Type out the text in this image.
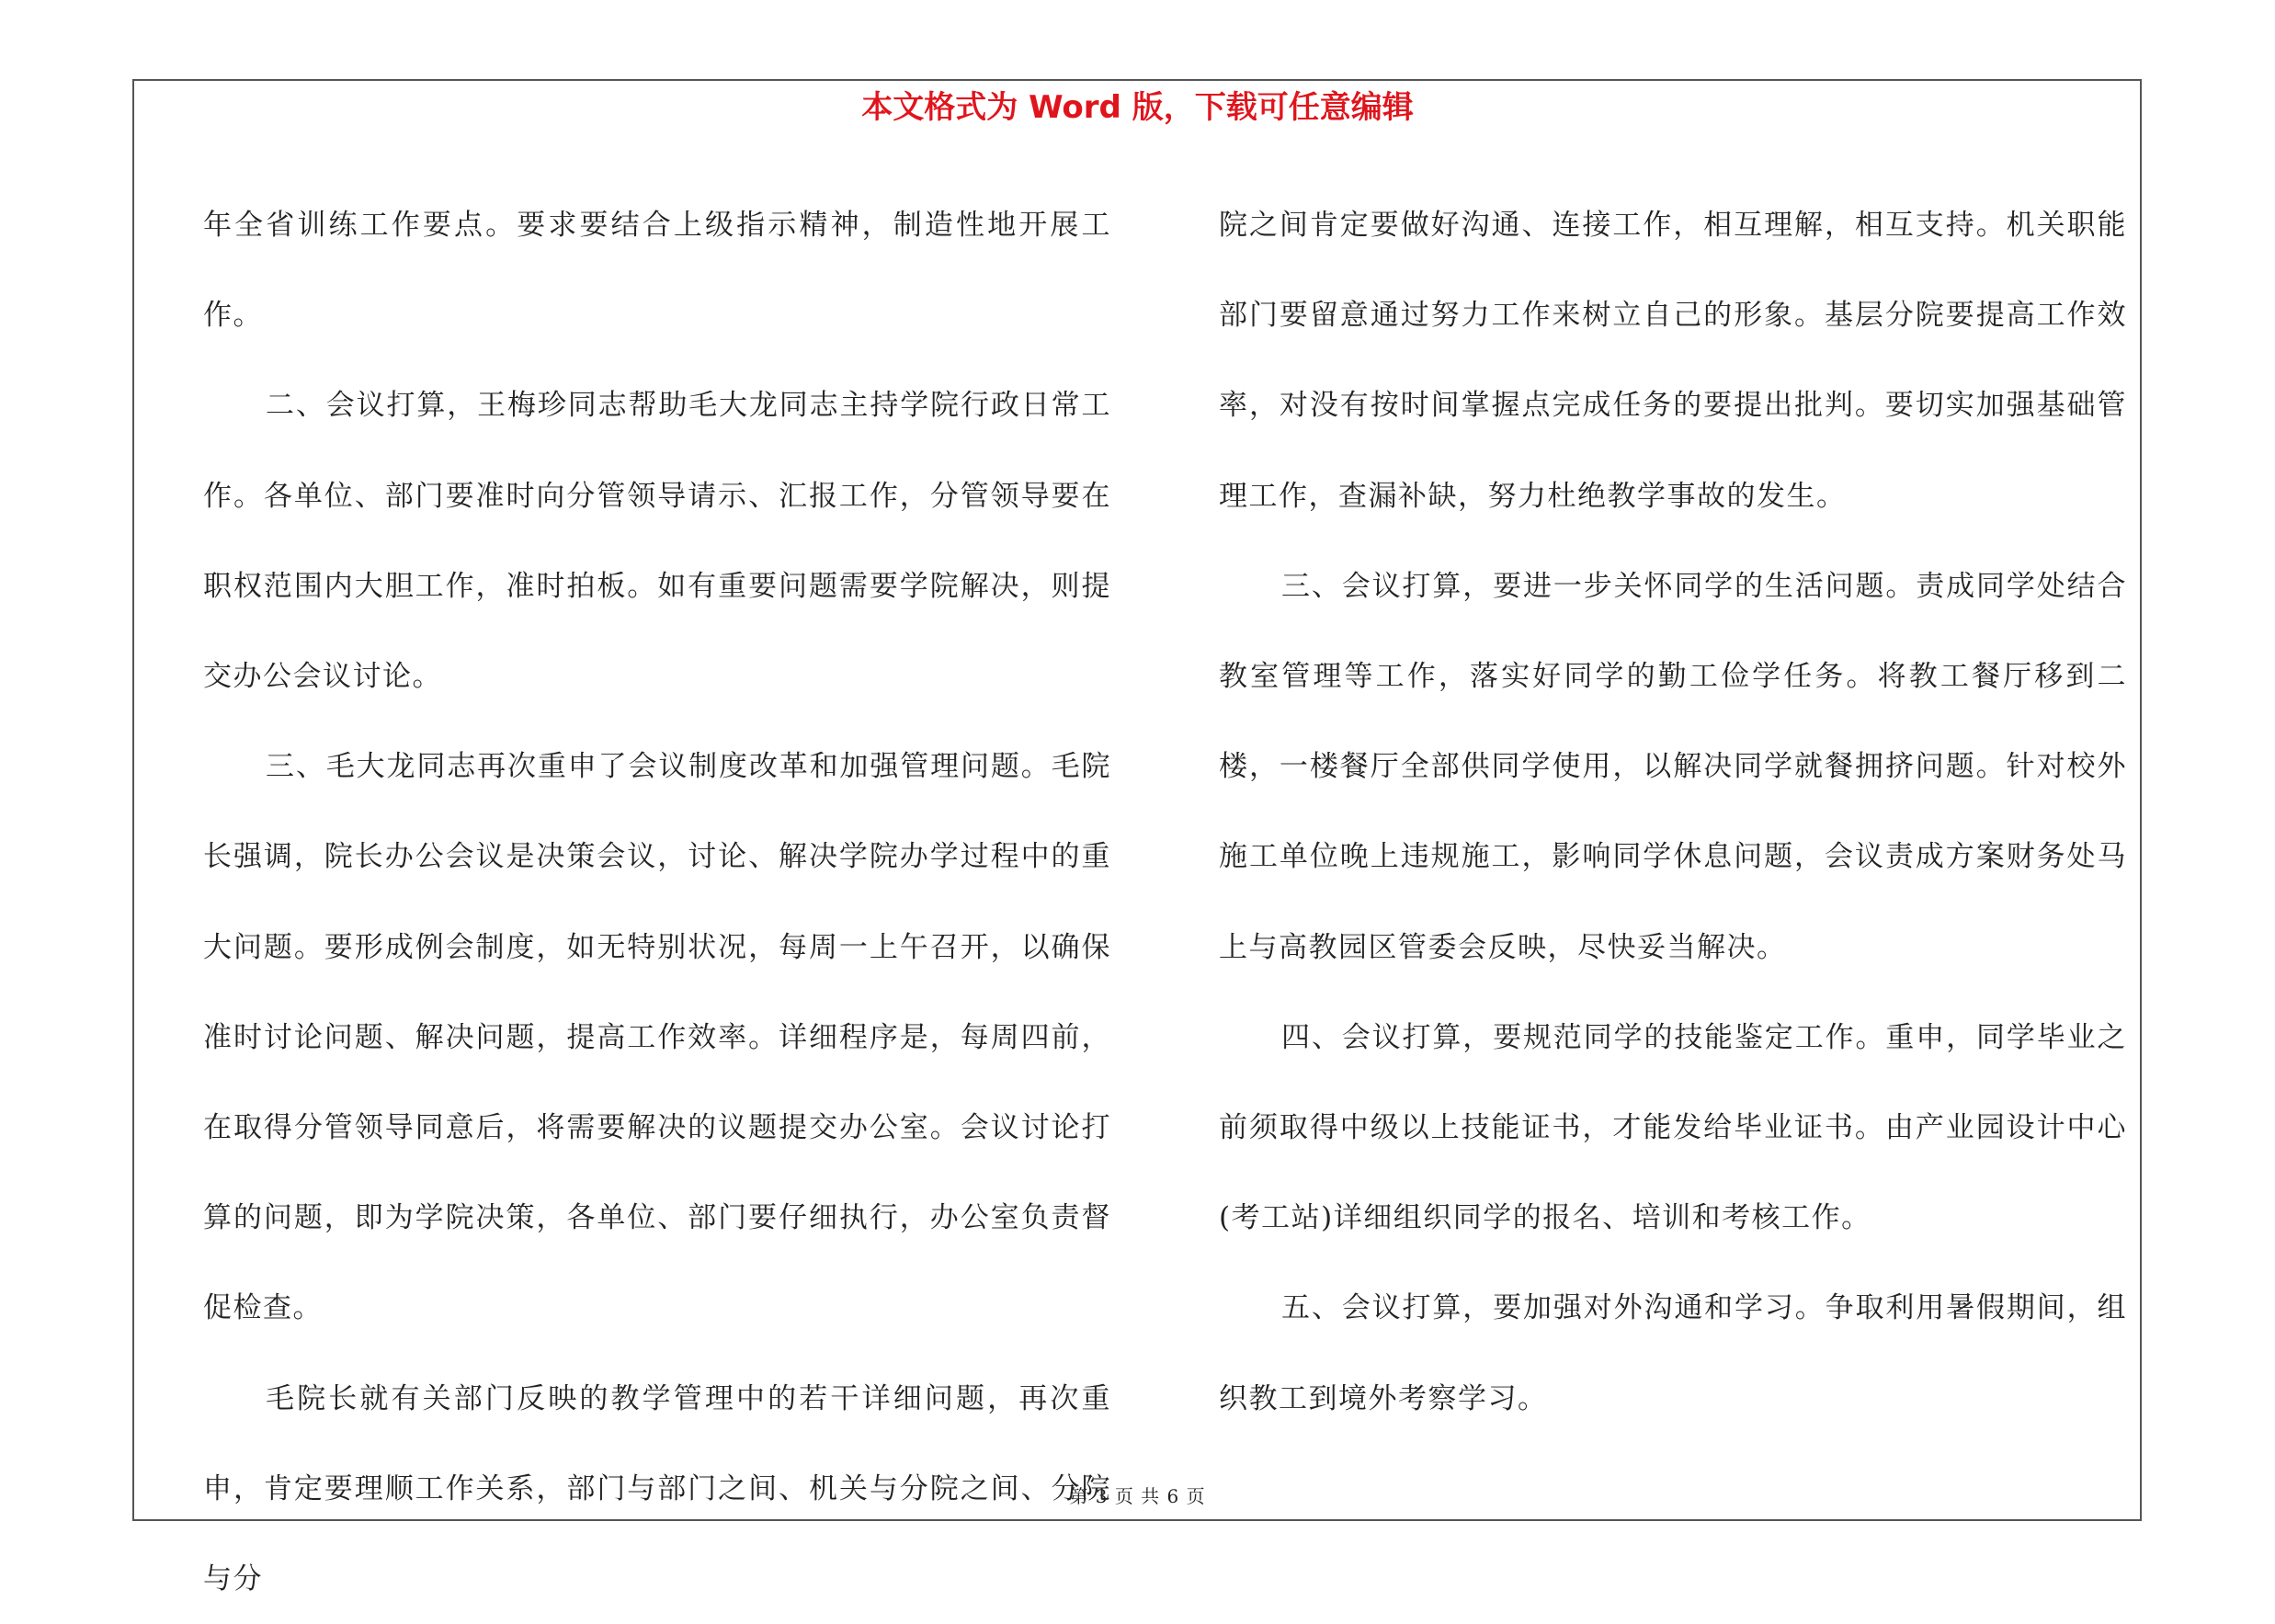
本文格式为 Word 版，下载可任意编辑

年全省训练工作要点。要求要结合上级指示精神，制造性地开展工作。

二、会议打算，王梅珍同志帮助毛大龙同志主持学院行政日常工作。各单位、部门要准时向分管领导请示、汇报工作，分管领导要在职权范围内大胆工作，准时拍板。如有重要问题需要学院解决，则提交办公会议讨论。

三、毛大龙同志再次重申了会议制度改革和加强管理问题。毛院长强调，院长办公会议是决策会议，讨论、解决学院办学过程中的重大问题。要形成例会制度，如无特别状况，每周一上午召开，以确保准时讨论问题、解决问题，提高工作效率。详细程序是，每周四前，在取得分管领导同意后，将需要解决的议题提交办公室。会议讨论打算的问题，即为学院决策，各单位、部门要仔细执行，办公室负责督促检查。

毛院长就有关部门反映的教学管理中的若干详细问题，再次重申，肯定要理顺工作关系，部门与部门之间、机关与分院之间、分院与分

院之间肯定要做好沟通、连接工作，相互理解，相互支持。机关职能部门要留意通过努力工作来树立自己的形象。基层分院要提高工作效率，对没有按时间掌握点完成任务的要提出批判。要切实加强基础管理工作，查漏补缺，努力杜绝教学事故的发生。

三、会议打算，要进一步关怀同学的生活问题。责成同学处结合教室管理等工作，落实好同学的勤工俭学任务。将教工餐厅移到二楼，一楼餐厅全部供同学使用，以解决同学就餐拥挤问题。针对校外施工单位晚上违规施工，影响同学休息问题，会议责成方案财务处马上与高教园区管委会反映，尽快妥当解决。

四、会议打算，要规范同学的技能鉴定工作。重申，同学毕业之前须取得中级以上技能证书，才能发给毕业证书。由产业园设计中心(考工站)详细组织同学的报名、培训和考核工作。

五、会议打算，要加强对外沟通和学习。争取利用暑假期间，组织教工到境外考察学习。

第 3 页 共 6 页
